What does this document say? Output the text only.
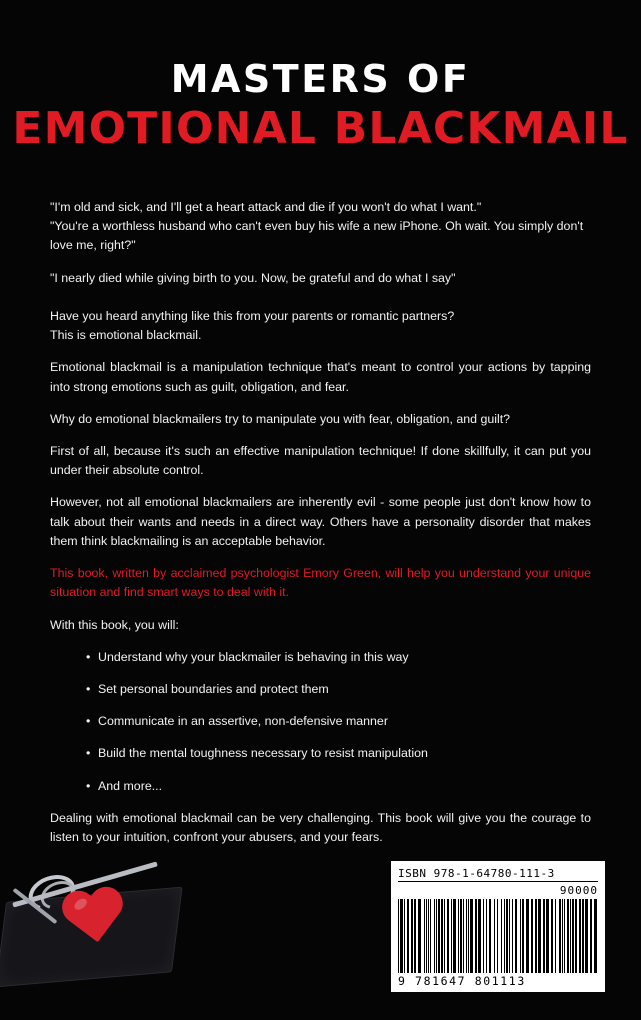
MASTERS OF
EMOTIONAL BLACKMAIL

"I'm old and sick, and I'll get a heart attack and die if you won't do what I want."

"You're a worthless husband who can't even buy his wife a new iPhone. Oh wait. You simply don't love me, right?"

"I nearly died while giving birth to you. Now, be grateful and do what I say"

Have you heard anything like this from your parents or romantic partners?

This is emotional blackmail.

Emotional blackmail is a manipulation technique that's meant to control your actions by tapping into strong emotions such as guilt, obligation, and fear.

Why do emotional blackmailers try to manipulate you with fear, obligation, and guilt?

First of all, because it's such an effective manipulation technique! If done skillfully, it can put you under their absolute control.

However, not all emotional blackmailers are inherently evil - some people just don't know how to talk about their wants and needs in a direct way. Others have a personality disorder that makes them think blackmailing is an acceptable behavior.

This book, written by acclaimed psychologist Emory Green, will help you understand your unique situation and find smart ways to deal with it.

With this book, you will:

• Understand why your blackmailer is behaving in this way
• Set personal boundaries and protect them
• Communicate in an assertive, non-defensive manner
• Build the mental toughness necessary to resist manipulation
• And more...

Dealing with emotional blackmail can be very challenging. This book will give you the courage to listen to your intuition, confront your abusers, and your fears.

ISBN 978-1-64780-111-3
90000
9 781647 801113
